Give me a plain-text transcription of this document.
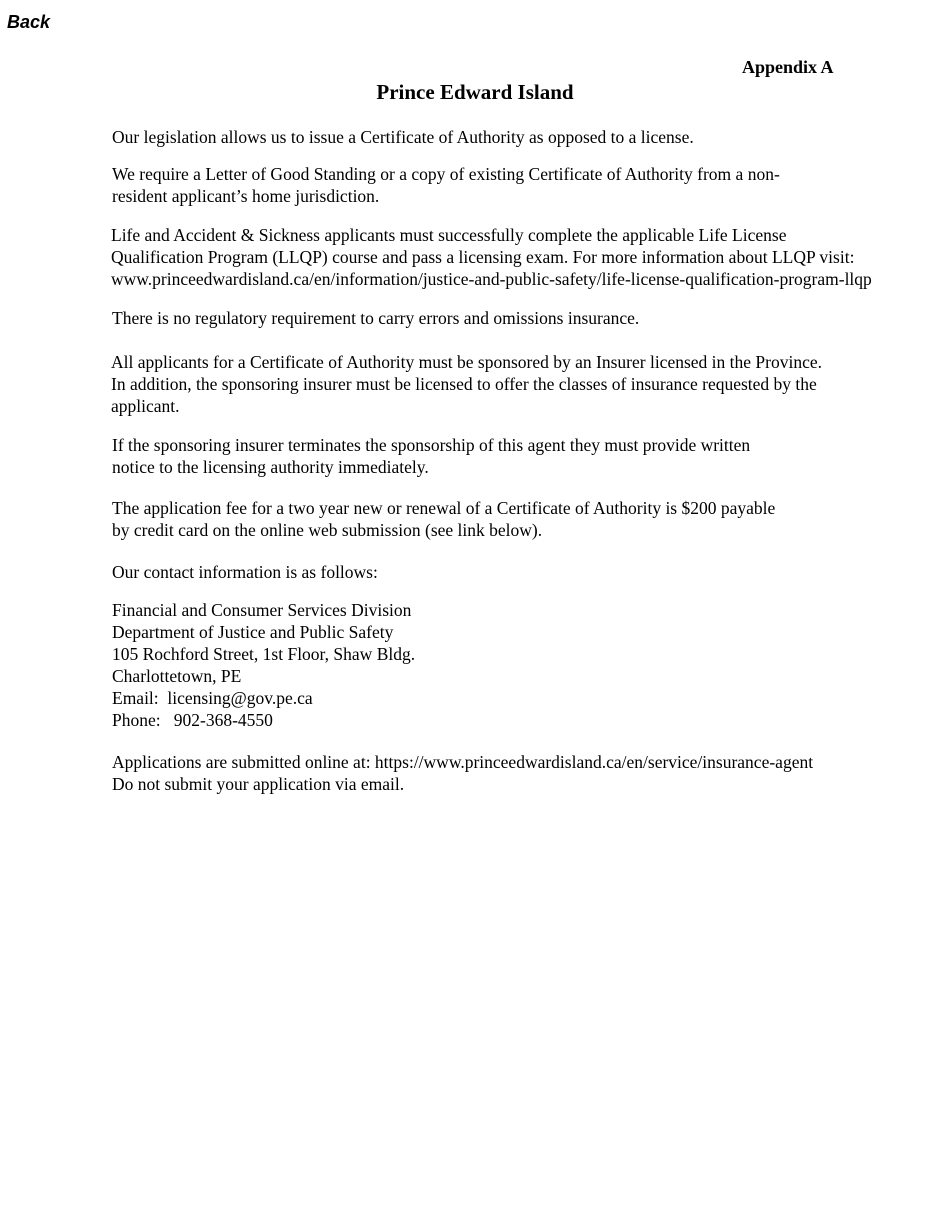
Back
Appendix A
Prince Edward Island

Our legislation allows us to issue a Certificate of Authority as opposed to a license.

We require a Letter of Good Standing or a copy of existing Certificate of Authority from a non-
resident applicant’s home jurisdiction.

Life and Accident & Sickness applicants must successfully complete the applicable Life License
Qualification Program (LLQP) course and pass a licensing exam. For more information about LLQP visit:
www.princeedwardisland.ca/en/information/justice-and-public-safety/life-license-qualification-program-llqp

There is no regulatory requirement to carry errors and omissions insurance.

All applicants for a Certificate of Authority must be sponsored by an Insurer licensed in the Province.
In addition, the sponsoring insurer must be licensed to offer the classes of insurance requested by the
applicant.

If the sponsoring insurer terminates the sponsorship of this agent they must provide written
notice to the licensing authority immediately.

The application fee for a two year new or renewal of a Certificate of Authority is $200 payable
by credit card on the online web submission (see link below).

Our contact information is as follows:

Financial and Consumer Services Division
Department of Justice and Public Safety
105 Rochford Street, 1st Floor, Shaw Bldg.
Charlottetown, PE
Email: licensing@gov.pe.ca
Phone: 902-368-4550

Applications are submitted online at: https://www.princeedwardisland.ca/en/service/insurance-agent
Do not submit your application via email.
